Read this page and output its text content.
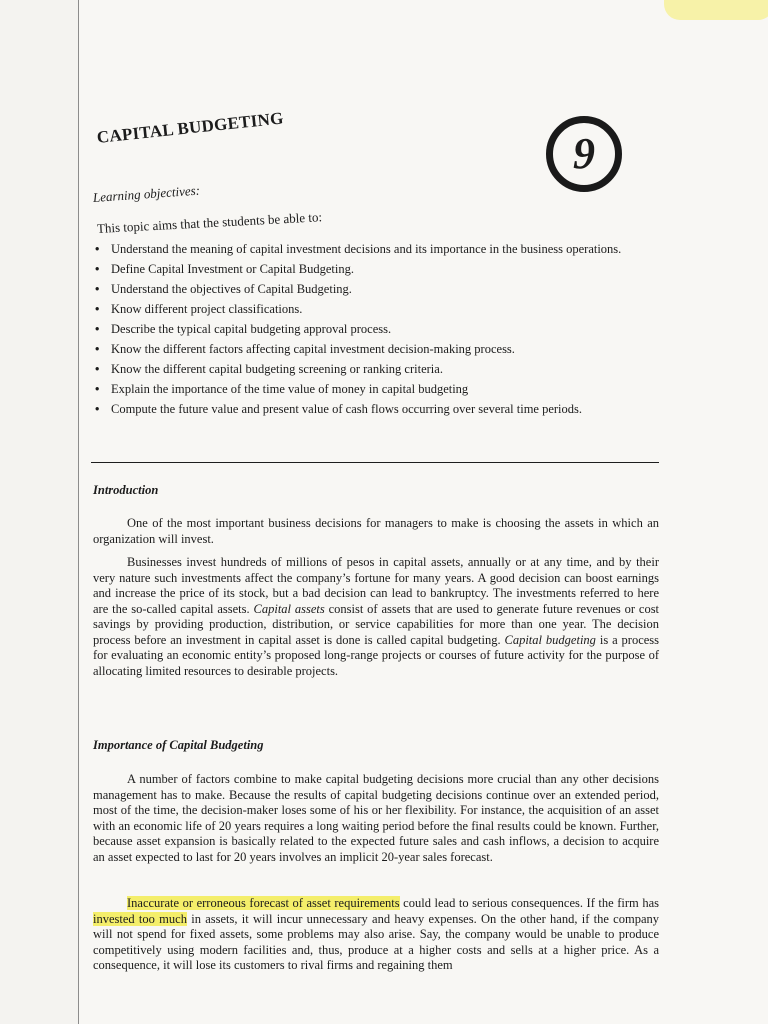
CAPITAL BUDGETING
9
Learning objectives:
This topic aims that the students be able to:
• Understand the meaning of capital investment decisions and its importance in the business operations.
• Define Capital Investment or Capital Budgeting.
• Understand the objectives of Capital Budgeting.
• Know different project classifications.
• Describe the typical capital budgeting approval process.
• Know the different factors affecting capital investment decision-making process.
• Know the different capital budgeting screening or ranking criteria.
• Explain the importance of the time value of money in capital budgeting
• Compute the future value and present value of cash flows occurring over several time periods.
Introduction

One of the most important business decisions for managers to make is choosing the assets in which an organization will invest.

Businesses invest hundreds of millions of pesos in capital assets, annually or at any time, and by their very nature such investments affect the company’s fortune for many years. A good decision can boost earnings and increase the price of its stock, but a bad decision can lead to bankruptcy. The investments referred to here are the so-called capital assets. Capital assets consist of assets that are used to generate future revenues or cost savings by providing production, distribution, or service capabilities for more than one year. The decision process before an investment in capital asset is done is called capital budgeting. Capital budgeting is a process for evaluating an economic entity’s proposed long-range projects or courses of future activity for the purpose of allocating limited resources to desirable projects.

Importance of Capital Budgeting

A number of factors combine to make capital budgeting decisions more crucial than any other decisions management has to make. Because the results of capital budgeting decisions continue over an extended period, most of the time, the decision-maker loses some of his or her flexibility. For instance, the acquisition of an asset with an economic life of 20 years requires a long waiting period before the final results could be known. Further, because asset expansion is basically related to the expected future sales and cash inflows, a decision to acquire an asset expected to last for 20 years involves an implicit 20-year sales forecast.

Inaccurate or erroneous forecast of asset requirements could lead to serious consequences. If the firm has invested too much in assets, it will incur unnecessary and heavy expenses. On the other hand, if the company will not spend for fixed assets, some problems may also arise. Say, the company would be unable to produce competitively using modern facilities and, thus, produce at a higher costs and sells at a higher price. As a consequence, it will lose its customers to rival firms and regaining them
